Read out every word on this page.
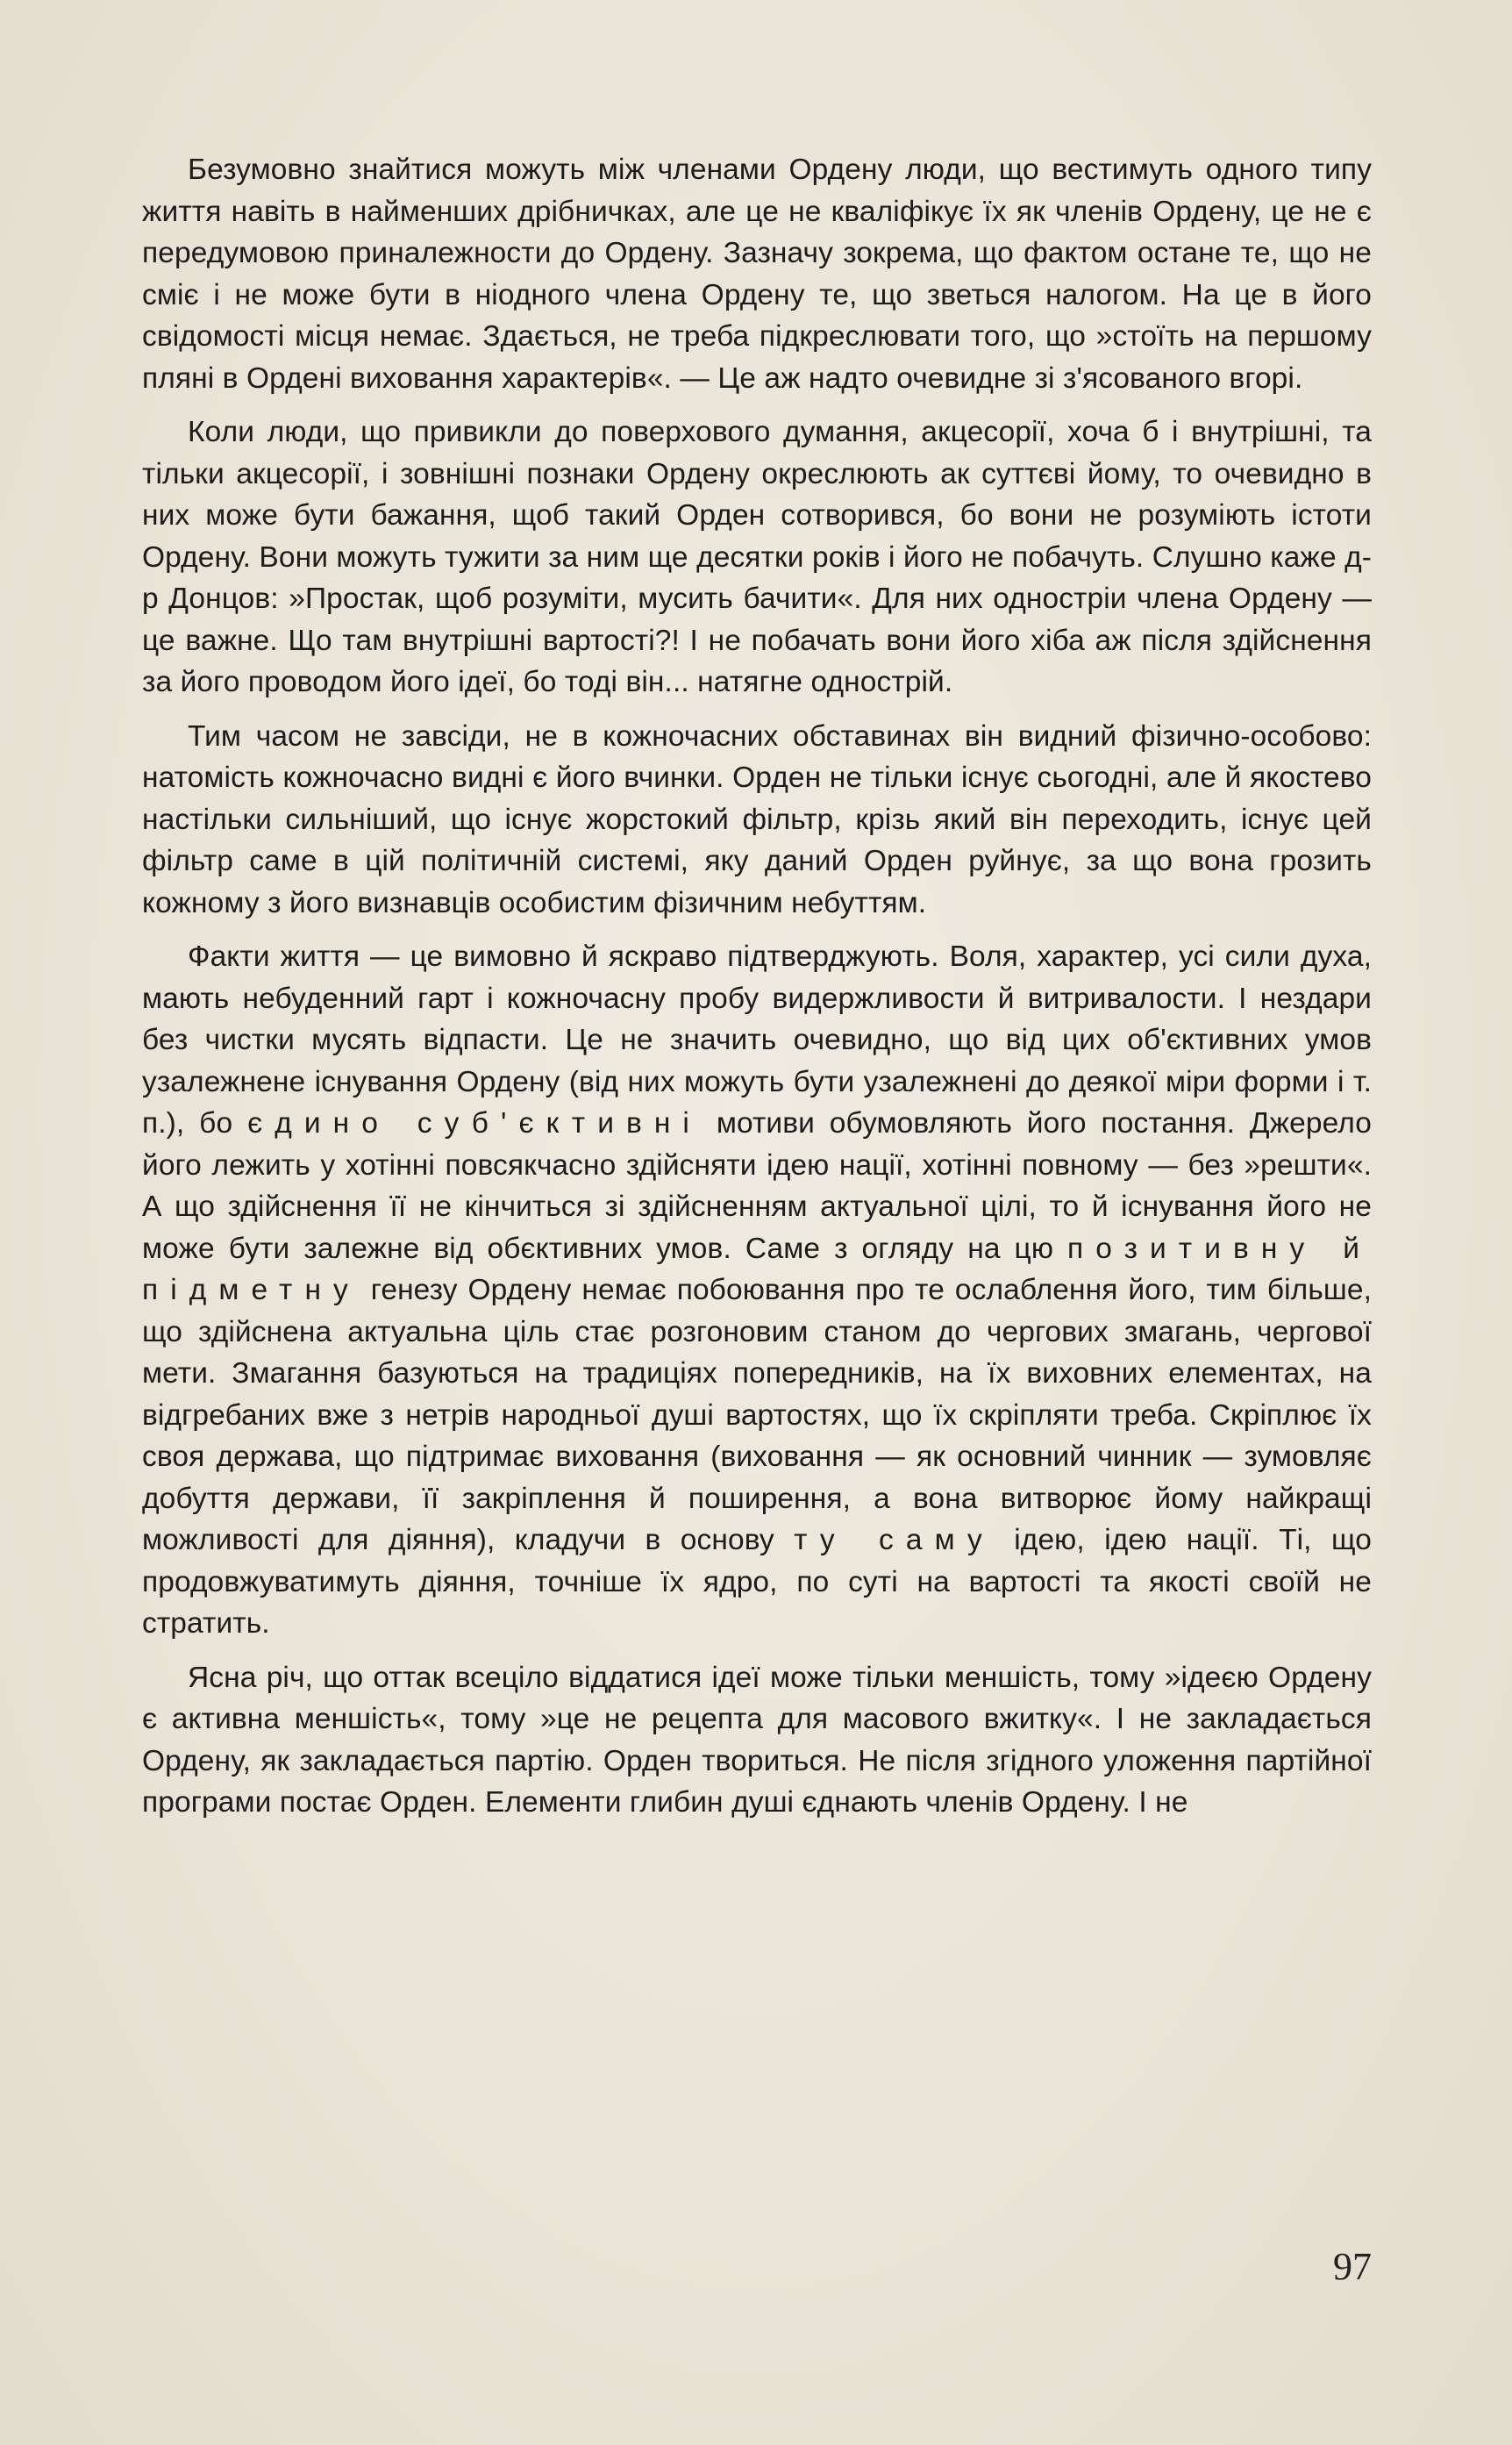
Безумовно знайтися можуть між членами Ордену люди, що вестимуть одного типу життя навіть в найменших дрібничках, але це не кваліфікує їх як членів Ордену, це не є передумовою приналежности до Ордену. Зазначу зокрема, що фактом остане те, що не сміє і не може бути в ніодного члена Ордену те, що зветься налогом. На це в його свідомості місця немає. Здається, не треба підкреслювати того, що »стоїть на першому пляні в Ордені виховання характерів«. — Це аж надто очевидне зі з'ясованого вгорі.

Коли люди, що привикли до поверхового думання, акцесорії, хоча б і внутрішні, та тільки акцесорії, і зовнішні познаки Ордену окреслюють ак суттєві йому, то очевидно в них може бути бажання, щоб такий Орден сотворився, бо вони не розуміють істоти Ордену. Вони можуть тужити за ним ще десятки років і його не побачуть. Слушно каже д-р Донцов: »Простак, щоб розуміти, мусить бачити«. Для них одностріи члена Ордену — це важне. Що там внутрішні вартості?! І не побачать вони його хіба аж після здійснення за його проводом його ідеї, бо тоді він... натягне однострій.

Тим часом не завсіди, не в кожночасних обставинах він видний фізично-особово: натомість кожночасно видні є його вчинки. Орден не тільки існує сьогодні, але й якостево настільки сильніший, що існує жорстокий фільтр, крізь який він переходить, існує цей фільтр саме в цій політичній системі, яку даний Орден руйнує, за що вона грозить кожному з його визнавців особистим фізичним небуттям.

Факти життя — це вимовно й яскраво підтверджують. Воля, характер, усі сили духа, мають небуденний гарт і кожночасну пробу видержливости й витривалости. І нездари без чистки мусять відпасти. Це не значить очевидно, що від цих об'єктивних умов узалежнене існування Ордену (від них можуть бути узалежнені до деякої міри форми і т. п.), бо єдино суб'єктивні мотиви обумовляють його постання. Джерело його лежить у хотінні повсякчасно здійсняти ідею нації, хотінні повному — без »решти«. А що здійснення її не кінчиться зі здійсненням актуальної цілі, то й існування його не може бути залежне від обєктивних умов. Саме з огляду на цю позитивну й підметну генезу Ордену немає побоювання про те ослаблення його, тим більше, що здійснена актуальна ціль стає розгоновим станом до чергових змагань, чергової мети. Змагання базуються на традиціях попередників, на їх виховних елементах, на відгребаних вже з нетрів народньої душі вартостях, що їх скріпляти треба. Скріплює їх своя держава, що підтримає виховання (виховання — як основний чинник — зумовляє добуття держави, її закріплення й поширення, а вона витворює йому найкращі можливості для діяння), кладучи в основу ту саму ідею, ідею нації. Ті, що продовжуватимуть діяння, точніше їх ядро, по суті на вартості та якості своїй не стратить.

Ясна річ, що оттак всецілο віддатися ідеї може тільки меншість, тому »ідеєю Ордену є активна меншість«, тому »це не рецепта для масового вжитку«. І не закладається Ордену, як закладається партію. Орден твориться. Не після згідного уложення партійної програми постає Орден. Елементи глибин душі єднають членів Ордену. І не

97
